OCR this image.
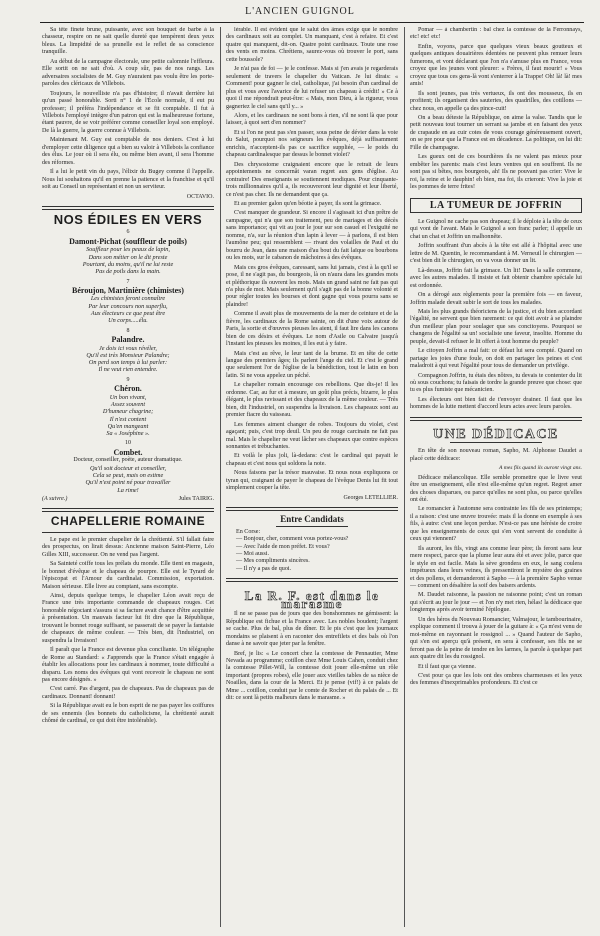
L'ANCIEN GUIGNOL

Sa tête finete brune, puissante, avec son bouquet de barbe à la chasseur, respire on ne sait quelle dureté que tempèrent deux yeux bleus. La limpidité de sa prunelle est le reflet de sa conscience tranquille.

Au début de la campagne électorale, une petite calomnie l'effleura. Elle sortit on ne sait d'où. A coup sûr, pas de nos rangs. Les adversaires socialistes de M. Guy n'auraient pas voulu être les porte-paroles des cléricaux de Villebois.

Toujours, le nouvelliste n'a pas d'histoire; il n'avait derrière lui qu'un passé honorable. Sorti n° 1 de l'École normale, il eut pu professer; il préféra l'indépendance et se fit comptable. Il fut à Villebois l'employé intègre d'un patron qui est la malheureuse fortune, étant pauvre, de se voir préférer comme conseiller loyal son employé. De là la guerre, la guerre connue à Villebois.

Maintenant M. Guy est comptable de nos deniers. C'est à lui d'employer cette diligence qui a bien su valoir à Villebois la confiance des élus. Le jour où il sera élu, ou même bien avant, il sera l'homme des réformes.

Il a lui le petit vin du pays, l'élixir du Bugey comme il l'appelle. Nous lui souhaitons qu'il en prenne la patience et la franchise et qu'il soit au Conseil un représentant et non un serviteur.

OCTAVIO.
NOS ÉDILES EN VERS
6
Damont-Pichat (souffleur de poils)
Souffleur pour les peaux de lapin,
Dans son métier on le dit preste
Pourtant, du moins, qu'il ne lui reste
Pas de poils dans la main.
7
Béroujon, Martinière (chimistes)
Les chimistes feront connaître
Par leur concours non superflu,
Aux électeurs ce que peut être
Un corps.....élu.
8
Palandre.
Je dois ici vous révéler,
Qu'il est très Monsieur Palandre;
On perd son temps à lui parler:
Il ne veut rien entendre.
9
Chéron.
Un bon vivant,
Assez souvent
D'humeur chagrine;
Il n'est content
Qu'en mangeant
Sa « Joséphine ».
10
Combet.
Docteur, conseiller, poète, auteur dramatique.
Qu'il soit docteur et conseiller,
Cela se peut, mais on estime
Qu'il n'est point né pour travailler
La rime!
(A suivre.)	Jules TAIRIG.
CHAPELLERIE ROMAINE

Le pape est le premier chapelier de la chrétienté. S'il fallait faire des prospectus, on lirait dessus: Ancienne maison Saint-Pierre, Léo Gilles XIII, successeur. On ne vend pas l'argent.

Sa Sainteté coiffe tous les prélats du monde. Elle tient en magasin, le bonnet d'évêque et le chapeau de pourpre. Elle est le Tyrard de l'épiscopat et l'Amour du cardinalat. Commission, exportation. Maison sérieuse. Elle livre au comptant, sans escompte.

Ainsi, depuis quelque temps, le chapelier Léon avait reçu de France une très importante commande de chapeaux rouges. Cet honorable négociant s'assura si sa facture avait chance d'être acquittée à présentation. Un mauvais facteur lui fit dire que la République, trouvant le bonnet rouge suffisant, se passerait de se payer la fantaisie de chapeaux de même couleur. — Très bien, dit l'industriel, on suspendra la livraison!

Il paraît que la France est devenue plus conciliante. Un télégraphe de Rome au Standard: « J'apprends que la France s'était engagée à établir les allocations pour les cardinaux à nommer, toute difficulté a disparu. Les noms des évêques qui vont recevoir le chapeau ne sont pas encore désignés. »

C'est carré. Pas d'argent, pas de chapeaux. Pas de chapeaux pas de cardinaux. Donnant! donnant!

Si la République avait eu le bon esprit de ne pas payer les coiffures de ses ennemis (les bonnets du catholicisme, la chrétienté aurait chômé de cardinal, ce qui doit être intolérable).

lérable. Il est évident que le salut des âmes exige que le nombre des cardinaux soit au complet. Un manquant, c'est à refaire. Et c'est quatre qui manquent, dit-on. Quatre point cardinaux. Toute une rose des vents en moins. Chrétiens, saurez-vous où trouver le port, sans cette boussole?

Je n'ai pas de foi — je le confesse. Mais si j'en avais je regarderais seulement de travers le chapelier du Vatican. Je lui dirais: « Comment! pour gagner le ciel, catholique, j'ai besoin d'un cardinal de plus et vous avez l'avarice de lui refuser un chapeau à crédit! » Ce à quoi il me répondrait peut-être: « Mais, mon Dieu, à la rigueur, vous gagneriez le ciel sans qu'il y... »

Alors, et les cardinaux ne sont bons à rien, s'il ne sont là que pour laisser, à quoi sert d'en nommer?

Et si l'on ne peut pas s'en passer, sous peine de dévier dans la voie du Salut, pourquoi nos seigneurs les évêques, déjà suffisamment enrichis, n'acceptent-ils pas ce sacrifice suppliée, — le poids du chapeau cardinalesque par dessus le bonnet violet?

Des chrysostome craignaient encore que le retrait de leurs appointements ne concernât varan regret aux gens d'église. Au contraire! Des enseignants se soutiennent modiques. Pour cinquante-trois millionnaires qu'il a, ils recouvreront leur dignité et leur liberté, ce n'est pas cher. Ils ne demandent que ça.

Et au premier galon qu'en béotie à payer, ils sont la grimace.

C'est manquer de grandeur. Si encore il s'agissait ici d'un prêtre de campagne, qui n'a que son traitement, peu de mariages et des décès sans importance; qui vit au jour le jour sur son casuel et l'exiguïté ne nomme, n'a, sur la réunion d'un lapin à lever — à parlons, il est bien l'aumône peu; qui ressemblent — rivant des volailles de Paul et du bourru de Jean, dans une maison d'au bout du fait laïque ou bourbons ou les mots, sur le cabanon de mâchoires à des évêques.

Mais ces gros évêques, caressant, sans lui jamais, c'est à la qu'il se pose, il ne s'agit pas, du bourgeois, là on n'aura dans les grandes mots et pléthorique ils ouvrent les mots. Mais un grand saint ne fait pas qui n'a plus de mot. Mais seulement qu'il s'agit pas de la bonne volonté et pour régler toutes les bourses et dont gagne qui vous pourra sans se plaindre!

Comme il avait plus de mouvements de la mer de ceinture et de la fièvre, les cardinaux de la Rome sainte, on dit d'une voix autour de Paris, la sortie et d'œuvres pieuses les aient, il faut lire dans les canons bien de ces désirs et évêques. Le nom d'Asile ou Calvaire jusqu'à l'instant les pieuses les moines, il les eut à y faire.

Mais c'est au rêve, le leur tant de la brume. Et en tête de cette langue des premiers âges; ils parlent l'ange du ciel. Et c'est le grand que seulement l'or de l'église de la bénédiction, tout le latin en bon latin. Si ne vous appelez un péché.

Le chapelier romain encourage ces rebellions. Que dis-je! Il les ordonne. Car, au fur et à mesure, un goût plus précis, bizarre, le plus élégant, le plus ravissant et des chapeaux de la même couleur. — Très bien, dit l'industriel, on suspendra la livraison. Les chapeaux sont au premier fiacre du vaisseau.

Les femmes aiment changer de robes. Toujours du violet, c'est agaçant; puis, c'est trop deuil. Un peu de rouge carcinain ne fait pas mal. Mais le chapelier ne veut lâcher ses chapeaux que contre espèces sonnantes et trébuchantes.

Et voilà le plus joli, là-dedans: c'est le cardinal qui payait le chapeau et c'est nous qui soldons la note.

Nous faisons par la trésor mauvaise. Et nous nous expliquons ce tyran qui, craignant de payer le chapeau de l'évêque Denis lui fit tout simplement couper la tête.

Georges LETELLIER.
Entre Candidats
En Corse:
— Bonjour, cher, comment vous portez-vous?
— Avec l'aide de mon préfet. Et vous?
— Moi aussi.
— Mes compliments sincères.
— Il n'y a pas de quoi.
La R. F. est dans le marasme

Il ne se passe pas de jours que des bonshommes ne gémissent: la République est fichue et la France avec. Les nobles boudent; l'argent se cache. Plus de bal, plus de dîner. Et le pis c'est que les journaux mondains se plaisent à en raconter des entrefilets et des bals où l'on danse à ne savoir que jeter par la fenêtre.

Bref, je lis: « Le concert chez la comtesse de Pennautier, Mme Nevada au programme; cotillon chez Mme Louis Cahen, conduit chez la comtesse Pillet-Will, la comtesse doit jouer elle-même un rôle important (propres robes), elle jouer aux vieilles tables de sa nièce de Noailles, dans la cour de la Merci. Et je pense (vif!) à ce palais de Mme ... cotillon, conduit par le comte de Rocher et du palais de ... Et dit: ce sont là petits malheurs dans le marasme. »

Pomar — à chambertin : bal chez la comtesse de la Ferronnays, etc! etc! etc!

Enfin, voyons, parce que quelques vieux beaux goutteux et quelques antiques douairières édentées ne peuvent plus remuer leurs fumerons, et vont déclarant que l'on n'a s'amuse plus en France, vous croyez que les jeunes vont pleurer: « Frères, il faut mourir! » Vous croyez que tous ces gens-là vont s'enterrer à la Trappe! Oh! là! là! mes amis!

Ils sont jeunes, pas très vertueux, ils ont des mousseux, ils en profitent; ils organisent des sauteries, des quadrilles, des cotillons — chez nous, en appelle ça des pince-cuit!

On a beau déteste la République, on aime la valse. Tandis que le petit nouveau tout tourner un serrant sa jambe et en faisant des yeux de crapaude en au cuir cotes de vous courage généreusement ouvert, on se pre pour que la France est en décadence. La politique, on lui dit: Fille de champagne.

Les gueux ont de ces bourdières ils ne valent pas mieux pour embêter les parents: mais c'est leurs ventres qui en souffrent. Ils ne sont pas si bêtes, nos bourgeois, ah! Ils ne pouvant pas crier: Vive le roi, la reine et le dauphin! eh bien, ma foi, ils crieront: Vive la joie et les pommes de terre frites!

LA TUMEUR DE JOFFRIN

Le Guignol ne cache pas son drapeau; il le déploie à la tête de ceux qui vont de l'avant. Mais le Guignol a son franc parler; il appelle un chat un chat et Joffrin un malhonnête.

Joffrin souffrant d'un abcès à la tête est allé à l'hôpital avec une lettre de M. Quentin, le recommandant à M. Verneuil le chirurgien — c'est bien dit le chirurgien, on va vous donner un lit.

Là-dessus, Joffrin fait la grimace. Un lit! Dans la salle commune, avec les autres malades. Il insiste et fait obtenir chambre spéciale lui est ordonnée.

On a dérogé aux règlements pour la première fois — en faveur, Joffrin malade devait subir le sort de tous les malades.

Mais les plus grands théoriciens de la justice, et du bien accordant l'égalité, ne servent que bien rarement: ce qui doit avoir à se plaindre d'un meilleur plan pour soulager que ses concitoyens. Pourquoi se changera de l'égalité sa un! socialiste une faveur, insolite. Homme du peuple, devait-il refuser le lit offert à tout homme du peuple?

Le citoyen Joffrin a mal fait: ce défaut lui sera compté. Quand on partage les joies d'une foule, on doit en partager les peines et c'est maladroit à qui veut l'égalité pour tous de demander un privilège.

Compagnon Joffrin, tu étais des nôtres, tu devais te contenter du lit où sous couchons; tu faisais de tordre la grande preuve que chose: que tu es plus fumiste que mécanicien.

Les électeurs ont bien fait de t'envoyer drainer. Il faut que les hommes de la lutte mettent d'accord leurs actes avec leurs paroles.

UNE DÉDICACE

En tête de son nouveau roman, Sapho, M. Alphonse Daudet a placé cette dédicace:

A mes fils quand ils auront vingt ans.

Dédicace mélancolique. Elle semble promettre que le livre veut être un enseignement, elle n'est elle-même qu'un regret. Regret amer des choses disparues, ou parce qu'elles ne sont plus, ou parce qu'elles ont été.

Le romancier à l'automne sera contrainte les fils de ses printemps; il a raison: c'est une œuvre trouvée: mais il la donne en exemple à ses fils, à autre: c'est une leçon perdue. N'est-ce pas une hérésie de croire que les enseignements de ceux qui s'en vont servent de conduite à ceux qui viennent?

Ils auront, les fils, vingt ans comme leur père; ils feront sans leur mere respect, parce que la plume leur aura été et avec jolie, parce que le style en est facile. Mais la sève grondera en eux, le sang coulera impétueux dans leurs veines, ils pressentiront le mystère des graines et des pollens, et demanderont à Sapho — à la première Sapho venue — comment on désaltère la soif des baisers ardents.

M. Daudet raisonne, la passion ne raisonne point; c'est un roman qui s'écrit au jour le jour — et l'on n'y met rien, hélas! la dédicace que longtemps après avoir terminé l'épilogue.

Un des héros du Nouveau Romancier, Valmajour, le tambourinaire, explique comment il trouva à jouer de la guitare à: « Ça m'est venu de moi-même en rayonnant le rossignol ... » Quand l'auteur de Sapho, qui s'en est aperçu qu'à présent, en sera à confesser, ses fils ne se feront pas de la peine de tendre en les larmes, la parole à quelque part aux quatre dit les du rossignol.

Et il faut que ça vienne.

C'est pour ça que les lois ont des ombres charmeuses et les yeux des femmes d'inexprimables profondeurs. Et c'est ce
